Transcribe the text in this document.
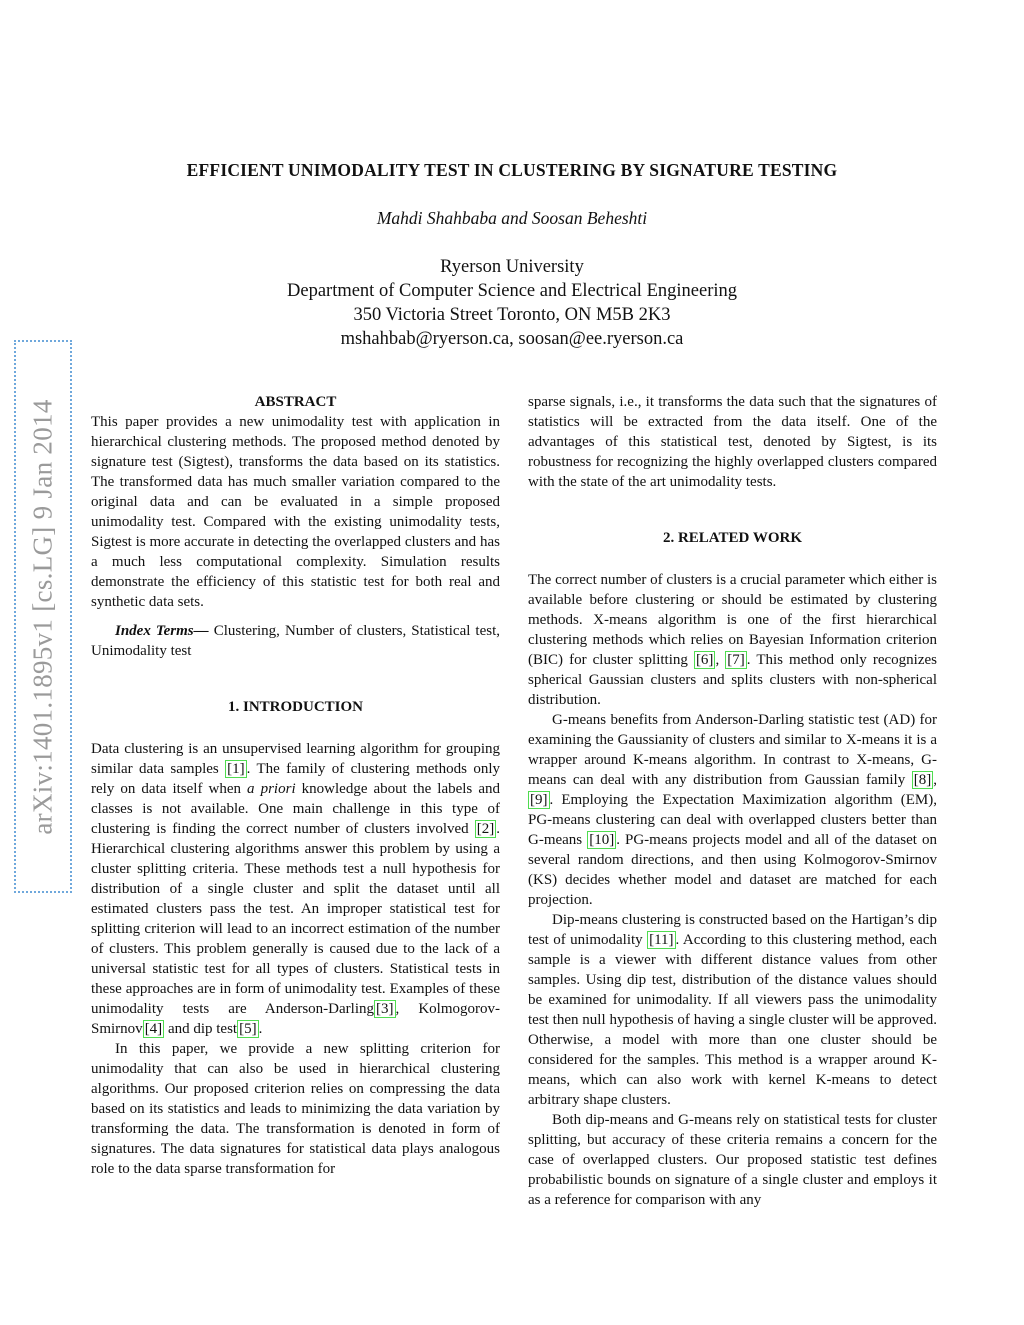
arXiv:1401.1895v1 [cs.LG] 9 Jan 2014
EFFICIENT UNIMODALITY TEST IN CLUSTERING BY SIGNATURE TESTING
Mahdi Shahbaba and Soosan Beheshti
Ryerson University
Department of Computer Science and Electrical Engineering
350 Victoria Street Toronto, ON M5B 2K3
mshahbab@ryerson.ca, soosan@ee.ryerson.ca

ABSTRACT

This paper provides a new unimodality test with application in hierarchical clustering methods. The proposed method denoted by signature test (Sigtest), transforms the data based on its statistics. The transformed data has much smaller variation compared to the original data and can be evaluated in a simple proposed unimodality test. Compared with the existing unimodality tests, Sigtest is more accurate in detecting the overlapped clusters and has a much less computational complexity. Simulation results demonstrate the efficiency of this statistic test for both real and synthetic data sets.

Index Terms— Clustering, Number of clusters, Statistical test, Unimodality test

1. INTRODUCTION

Data clustering is an unsupervised learning algorithm for grouping similar data samples [1] . The family of clustering methods only rely on data itself when a priori knowledge about the labels and classes is not available. One main challenge in this type of clustering is finding the correct number of clusters involved [2] . Hierarchical clustering algorithms answer this problem by using a cluster splitting criteria. These methods test a null hypothesis for distribution of a single cluster and split the dataset until all estimated clusters pass the test. An improper statistical test for splitting criterion will lead to an incorrect estimation of the number of clusters. This problem generally is caused due to the lack of a universal statistic test for all types of clusters. Statistical tests in these approaches are in form of unimodality test. Examples of these unimodality tests are Anderson-Darling [3] , Kolmogorov-Smirnov [4] and dip test [5] .

In this paper, we provide a new splitting criterion for unimodality that can also be used in hierarchical clustering algorithms. Our proposed criterion relies on compressing the data based on its statistics and leads to minimizing the data variation by transforming the data. The transformation is denoted in form of signatures. The data signatures for statistical data plays analogous role to the data sparse transformation for

sparse signals, i.e., it transforms the data such that the signatures of statistics will be extracted from the data itself. One of the advantages of this statistical test, denoted by Sigtest, is its robustness for recognizing the highly overlapped clusters compared with the state of the art unimodality tests.

2. RELATED WORK

The correct number of clusters is a crucial parameter which either is available before clustering or should be estimated by clustering methods. X-means algorithm is one of the first hierarchical clustering methods which relies on Bayesian Information criterion (BIC) for cluster splitting [6] , [7] . This method only recognizes spherical Gaussian clusters and splits clusters with non-spherical distribution.

G-means benefits from Anderson-Darling statistic test (AD) for examining the Gaussianity of clusters and similar to X-means it is a wrapper around K-means algorithm. In contrast to X-means, G-means can deal with any distribution from Gaussian family [8] , [9] . Employing the Expectation Maximization algorithm (EM), PG-means clustering can deal with overlapped clusters better than G-means [10] . PG-means projects model and all of the dataset on several random directions, and then using Kolmogorov-Smirnov (KS) decides whether model and dataset are matched for each projection.

Dip-means clustering is constructed based on the Hartigan’s dip test of unimodality [11] . According to this clustering method, each sample is a viewer with different distance values from other samples. Using dip test, distribution of the distance values should be examined for unimodality. If all viewers pass the unimodality test then null hypothesis of having a single cluster will be approved. Otherwise, a model with more than one cluster should be considered for the samples. This method is a wrapper around K-means, which can also work with kernel K-means to detect arbitrary shape clusters.

Both dip-means and G-means rely on statistical tests for cluster splitting, but accuracy of these criteria remains a concern for the case of overlapped clusters. Our proposed statistic test defines probabilistic bounds on signature of a single cluster and employs it as a reference for comparison with any
